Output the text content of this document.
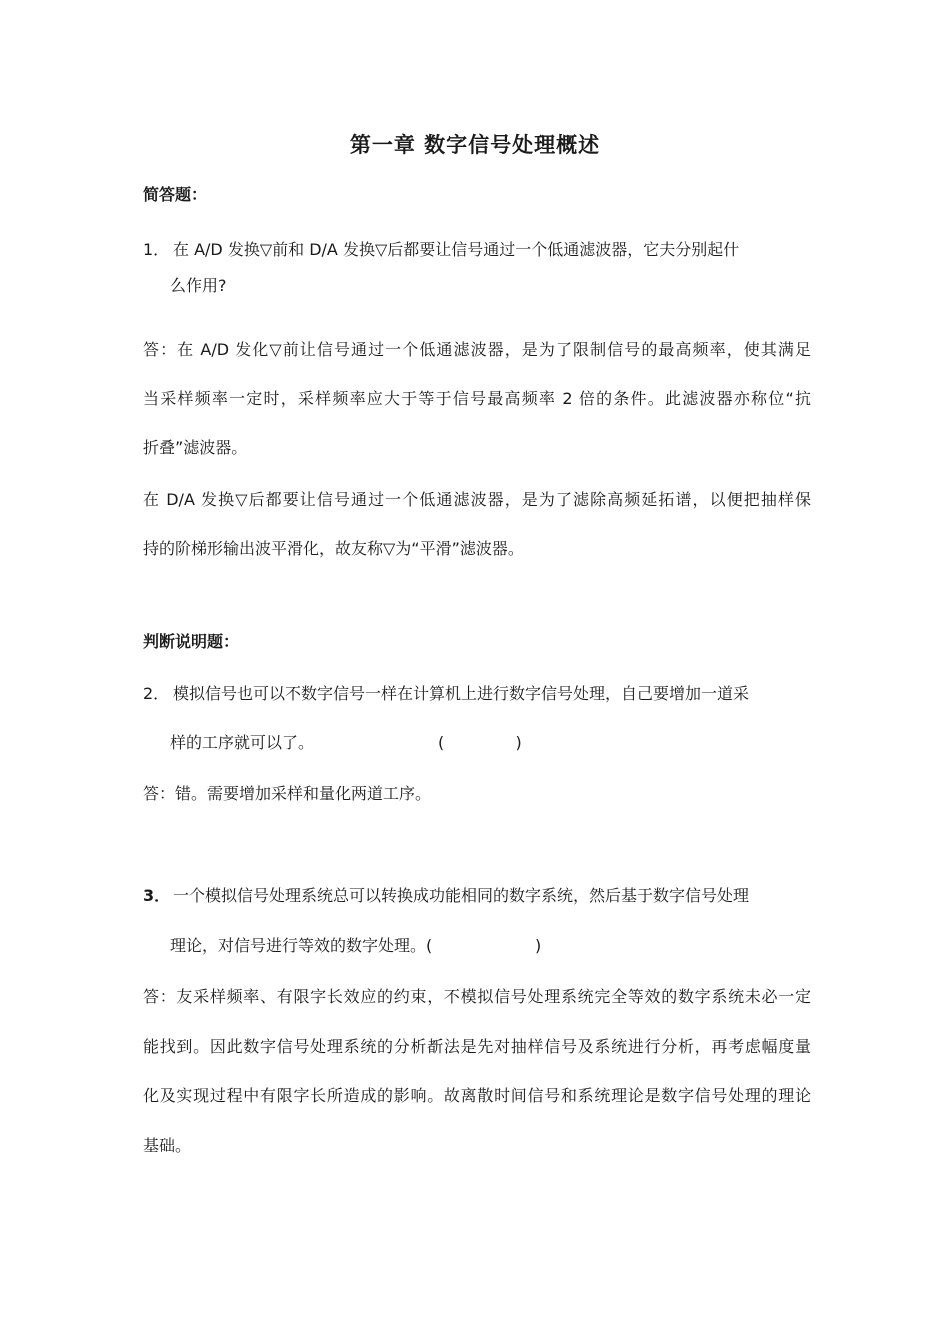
第一章 数字信号处理概述
简答题：
1． 在 A/D 发换▽前和 D/A 发换▽后都要让信号通过一个低通滤波器，它夫分别起什
么作用?
答：在 A/D 发化▽前让信号通过一个低通滤波器，是为了限制信号的最高频率，使其满足
当采样频率一定时，采样频率应大于等于信号最高频率 2 倍的条件。此滤波器亦称位“抗
折叠”滤波器。
在 D/A 发换▽后都要让信号通过一个低通滤波器，是为了滤除高频延拓谱，以便把抽样保
持的阶梯形输出波平滑化，故友称▽为“平滑”滤波器。
判断说明题：
2． 模拟信号也可以不数字信号一样在计算机上进行数字信号处理，自己要增加一道采
样的工序就可以了。	(              )
答：错。需要增加采样和量化两道工序。
3． 一个模拟信号处理系统总可以转换成功能相同的数字系统，然后基于数字信号处理
理论，对信号进行等效的数字处理。(	)
答：友采样频率、有限字长效应的约束，不模拟信号处理系统完全等效的数字系统未必一定
能找到。因此数字信号处理系统的分析斱法是先对抽样信号及系统进行分析，再考虑幅度量
化及实现过程中有限字长所造成的影响。故离散时间信号和系统理论是数字信号处理的理论
基础。
